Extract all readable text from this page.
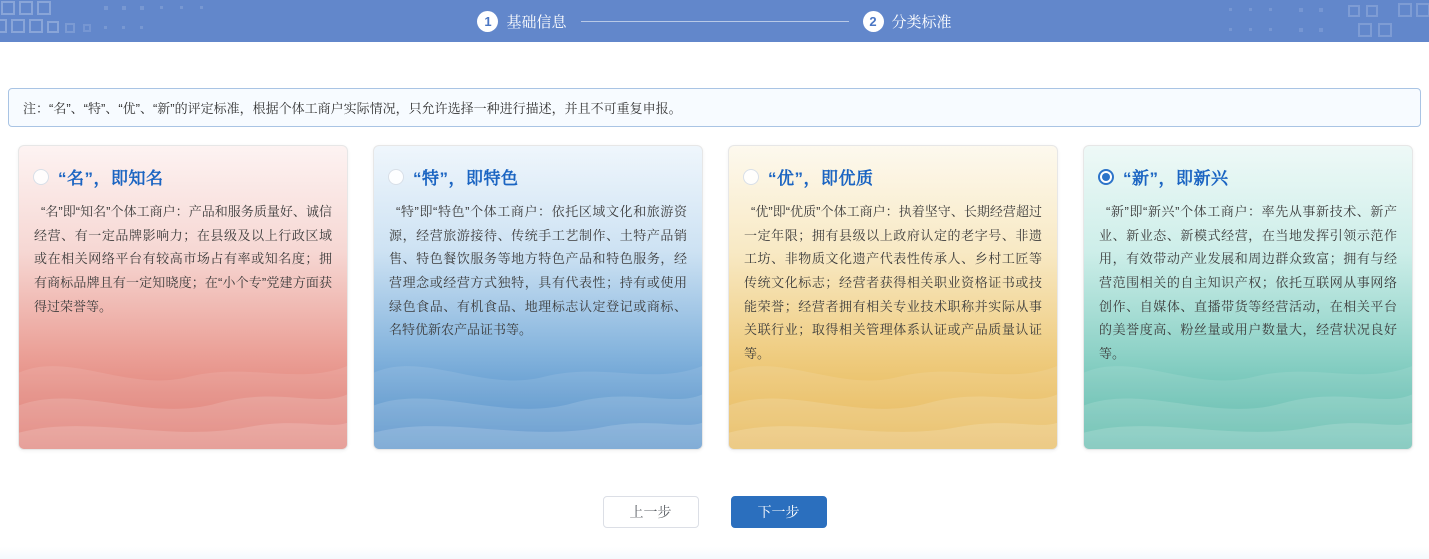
1 基础信息	2 分类标准
注：“名”、“特”、“优”、“新”的评定标准，根据个体工商户实际情况，只允许选择一种进行描述，并且不可重复申报。
“名”，即知名

“名”即“知名”个体工商户：产品和服务质量好、诚信经营、有一定品牌影响力；在县级及以上行政区域或在相关网络平台有较高市场占有率或知名度；拥有商标品牌且有一定知晓度；在“小个专”党建方面获得过荣誉等。

“特”，即特色

“特”即“特色”个体工商户：依托区域文化和旅游资源，经营旅游接待、传统手工艺制作、土特产品销售、特色餐饮服务等地方特色产品和特色服务，经营理念或经营方式独特，具有代表性；持有或使用绿色食品、有机食品、地理标志认定登记或商标、名特优新农产品证书等。

“优”，即优质

“优”即“优质”个体工商户：执着坚守、长期经营超过一定年限；拥有县级以上政府认定的老字号、非遗工坊、非物质文化遗产代表性传承人、乡村工匠等传统文化标志；经营者获得相关职业资格证书或技能荣誉；经营者拥有相关专业技术职称并实际从事关联行业；取得相关管理体系认证或产品质量认证等。

“新”，即新兴

“新”即“新兴”个体工商户：率先从事新技术、新产业、新业态、新模式经营，在当地发挥引领示范作用，有效带动产业发展和周边群众致富；拥有与经营范围相关的自主知识产权；依托互联网从事网络创作、自媒体、直播带货等经营活动，在相关平台的美誉度高、粉丝量或用户数量大，经营状况良好等。

上一步	下一步
